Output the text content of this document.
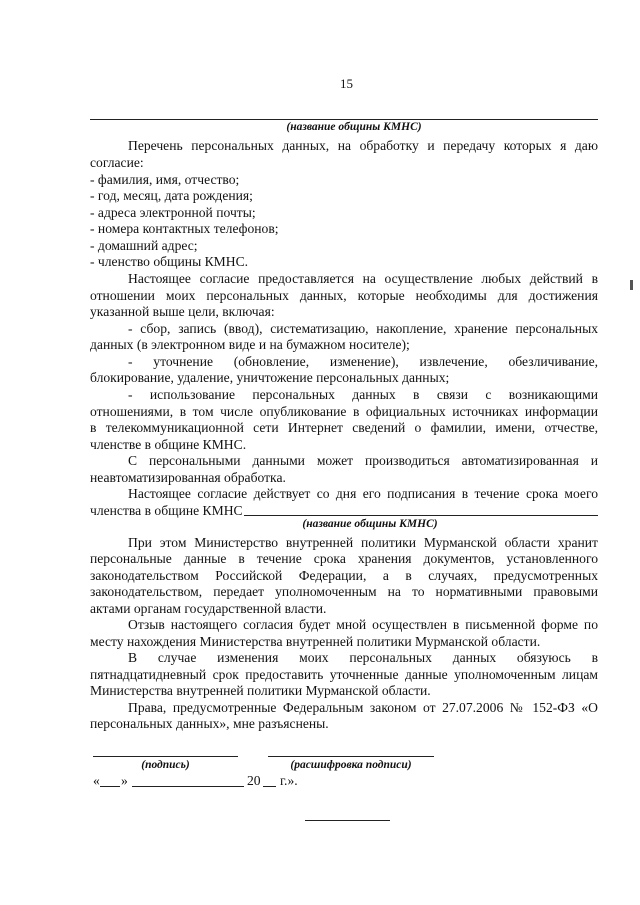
15
(название общины КМНС)
Перечень персональных данных, на обработку и передачу которых я даю
согласие:
- фамилия, имя, отчество;
- год, месяц, дата рождения;
- адреса электронной почты;
- номера контактных телефонов;
- домашний адрес;
- членство общины КМНС.
Настоящее согласие предоставляется на осуществление любых действий в
отношении моих персональных данных, которые необходимы для достижения
указанной выше цели, включая:
- сбор, запись (ввод), систематизацию, накопление, хранение персональных
данных (в электронном виде и на бумажном носителе);
- уточнение (обновление, изменение), извлечение, обезличивание,
блокирование, удаление, уничтожение персональных данных;
- использование персональных данных в связи с возникающими
отношениями, в том числе опубликование в официальных источниках информации
в телекоммуникационной сети Интернет сведений о фамилии, имени, отчестве,
членстве в общине КМНС.
С персональными данными может производиться автоматизированная и
неавтоматизированная обработка.
Настоящее согласие действует со дня его подписания в течение срока моего
членства в общине КМНС
(название общины КМНС)
При этом Министерство внутренней политики Мурманской области хранит
персональные данные в течение срока хранения документов, установленного
законодательством Российской Федерации, а в случаях, предусмотренных
законодательством, передает уполномоченным на то нормативными правовыми
актами органам государственной власти.
Отзыв настоящего согласия будет мной осуществлен в письменной форме по
месту нахождения Министерства внутренней политики Мурманской области.
В случае изменения моих персональных данных обязуюсь в
пятнадцатидневный срок предоставить уточненные данные уполномоченным лицам
Министерства внутренней политики Мурманской области.
Права, предусмотренные Федеральным законом от 27.07.2006 № 152-ФЗ «О
персональных данных», мне разъяснены.
(подпись)	(расшифровка подписи)
« »	20 г.».
